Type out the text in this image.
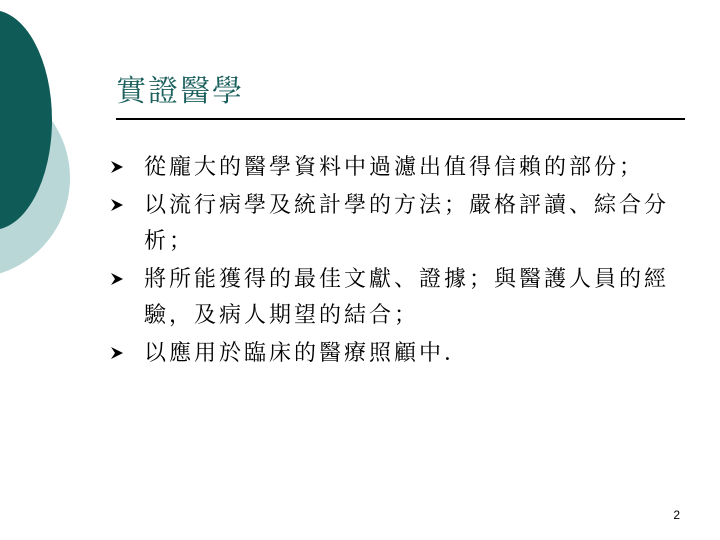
實證醫學
從龐大的醫學資料中過濾出值得信賴的部份；
以流行病學及統計學的方法；嚴格評讀、綜合分析；
將所能獲得的最佳文獻、證據；與醫護人員的經驗，及病人期望的結合；
以應用於臨床的醫療照顧中．
2
